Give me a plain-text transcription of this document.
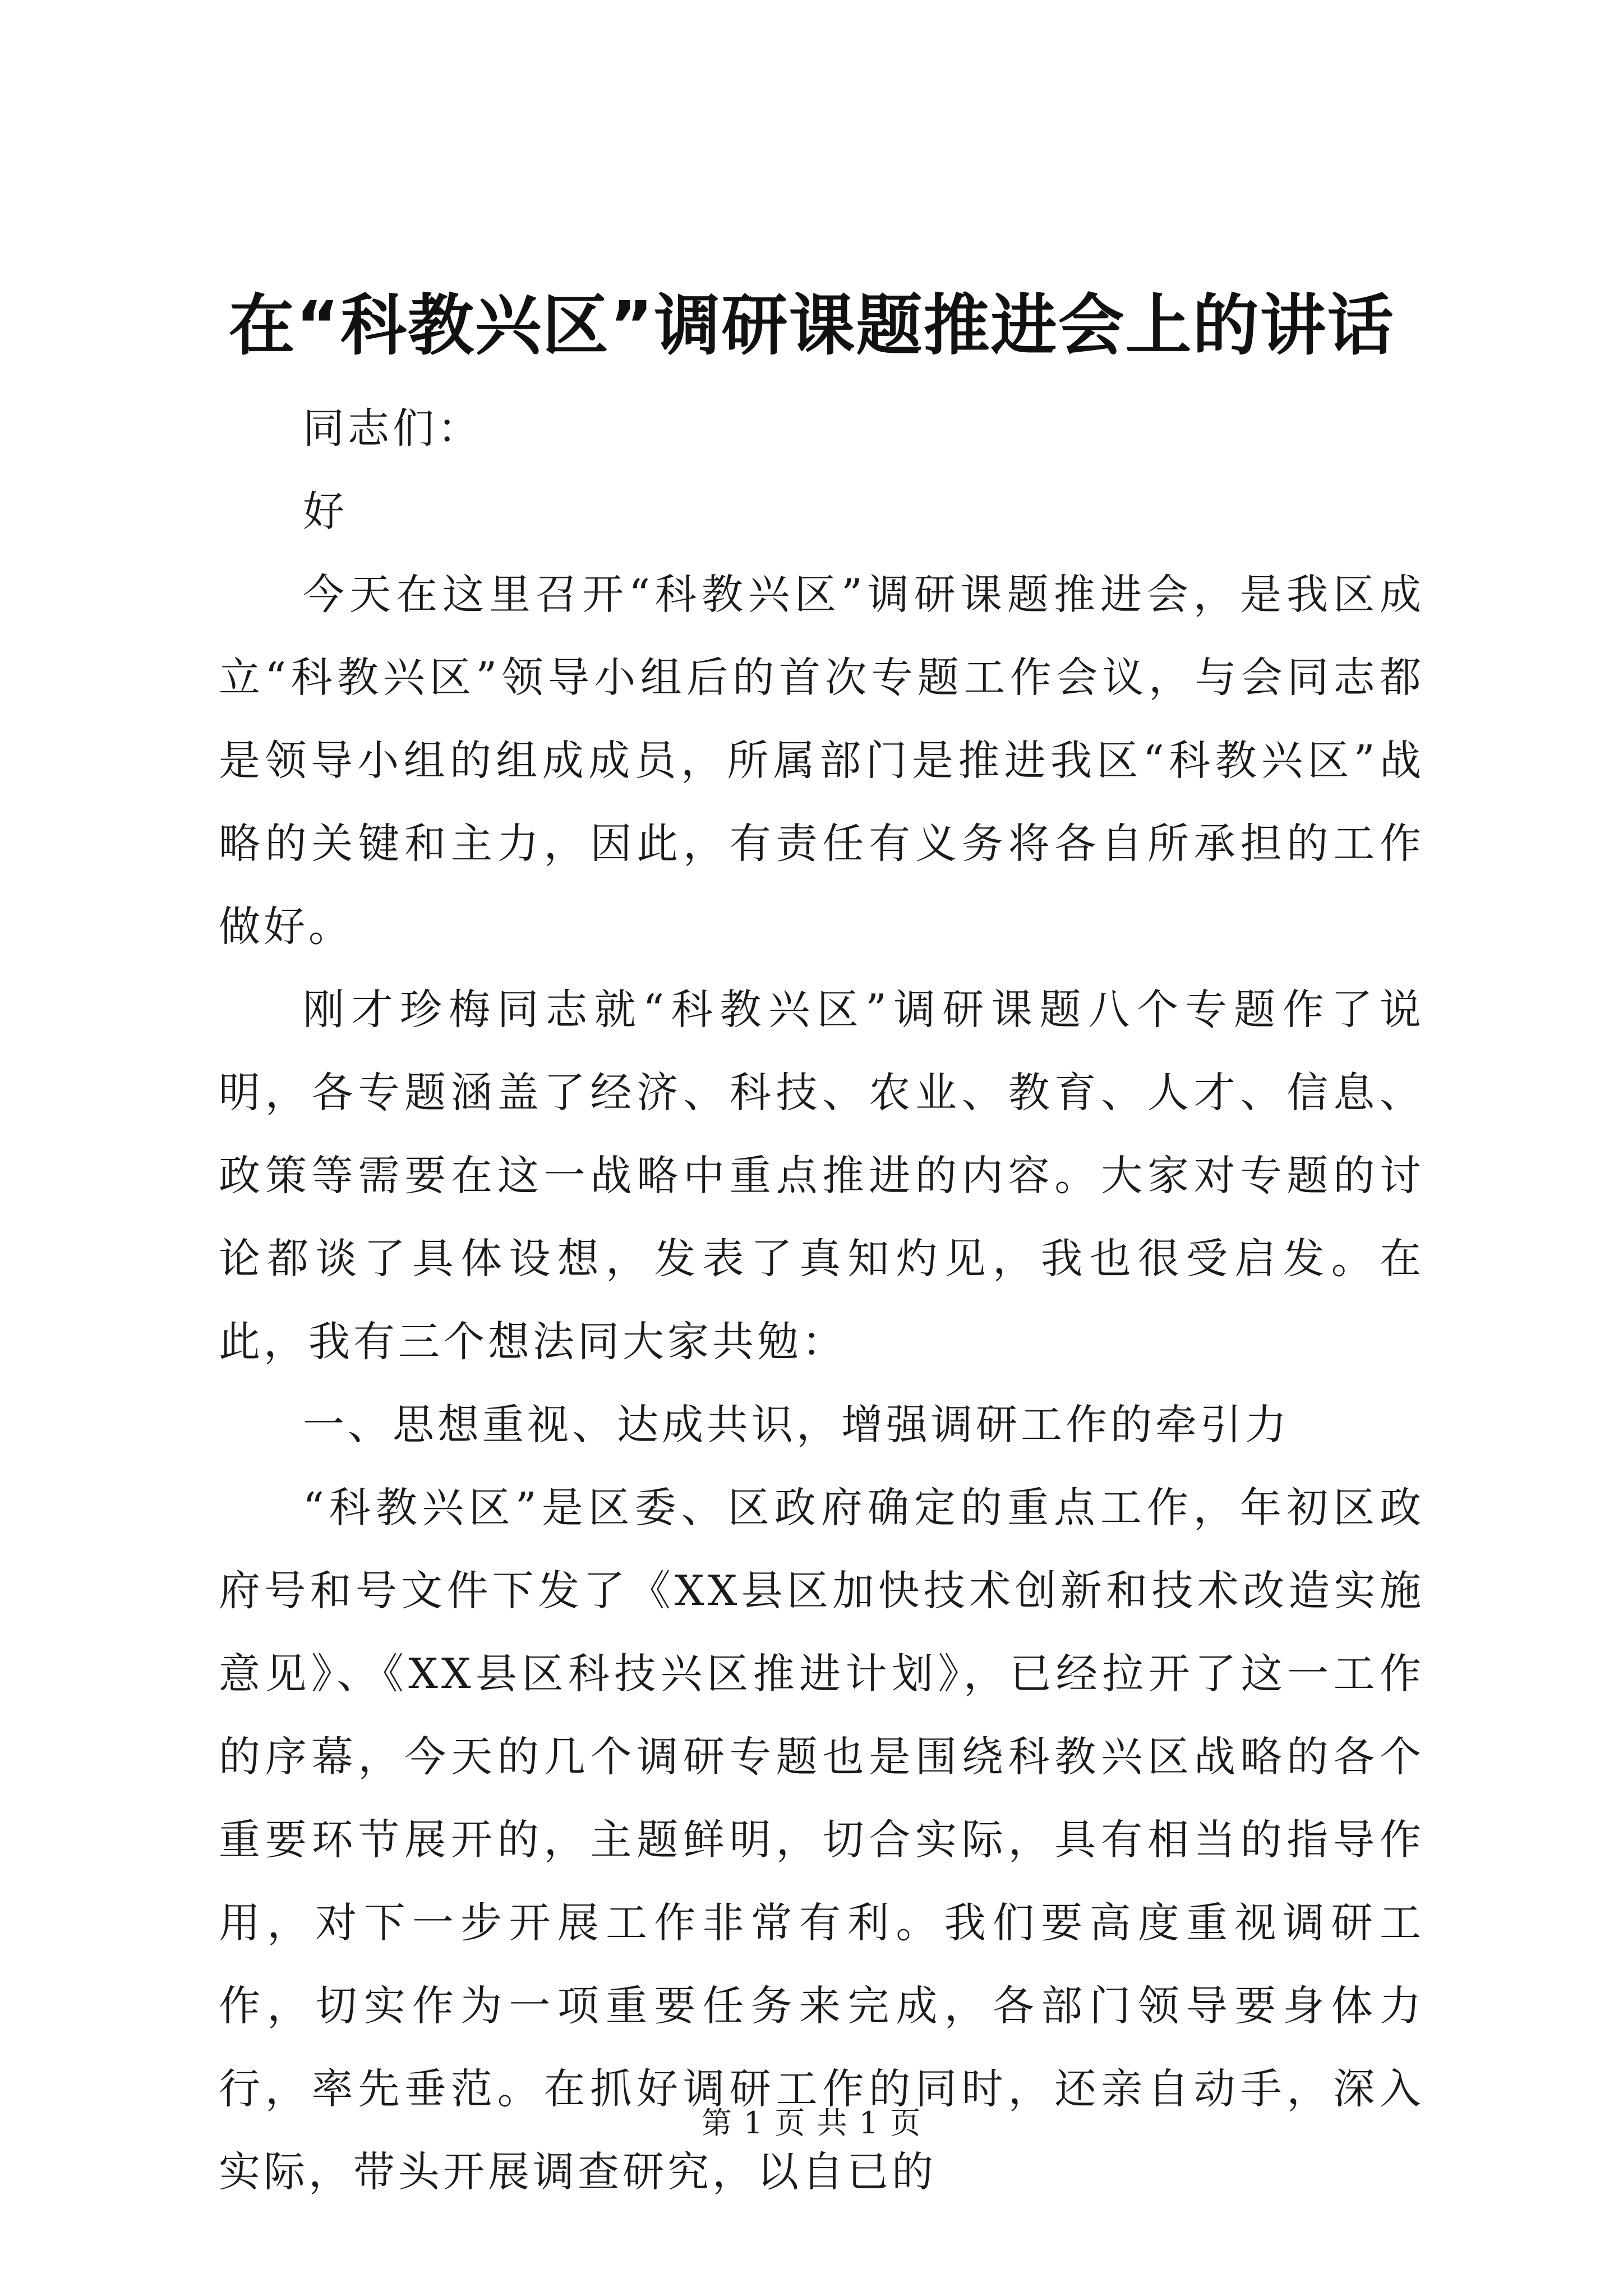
在“科教兴区”调研课题推进会上的讲话

同志们：

好

今天在这里召开“科教兴区”调研课题推进会，是我区成立“科教兴区”领导小组后的首次专题工作会议，与会同志都是领导小组的组成成员，所属部门是推进我区“科教兴区”战略的关键和主力，因此，有责任有义务将各自所承担的工作做好。

刚才珍梅同志就“科教兴区”调研课题八个专题作了说明，各专题涵盖了经济、科技、农业、教育、人才、信息、政策等需要在这一战略中重点推进的内容。大家对专题的讨论都谈了具体设想，发表了真知灼见，我也很受启发。在此，我有三个想法同大家共勉：

一、思想重视、达成共识，增强调研工作的牵引力

“科教兴区”是区委、区政府确定的重点工作，年初区政府号和号文件下发了《XX县区加快技术创新和技术改造实施意见》、《XX县区科技兴区推进计划》，已经拉开了这一工作的序幕，今天的几个调研专题也是围绕科教兴区战略的各个重要环节展开的，主题鲜明，切合实际，具有相当的指导作用，对下一步开展工作非常有利。我们要高度重视调研工作，切实作为一项重要任务来完成，各部门领导要身体力行，率先垂范。在抓好调研工作的同时，还亲自动手，深入实际，带头开展调查研究，以自已的

第 1 页 共 1 页
